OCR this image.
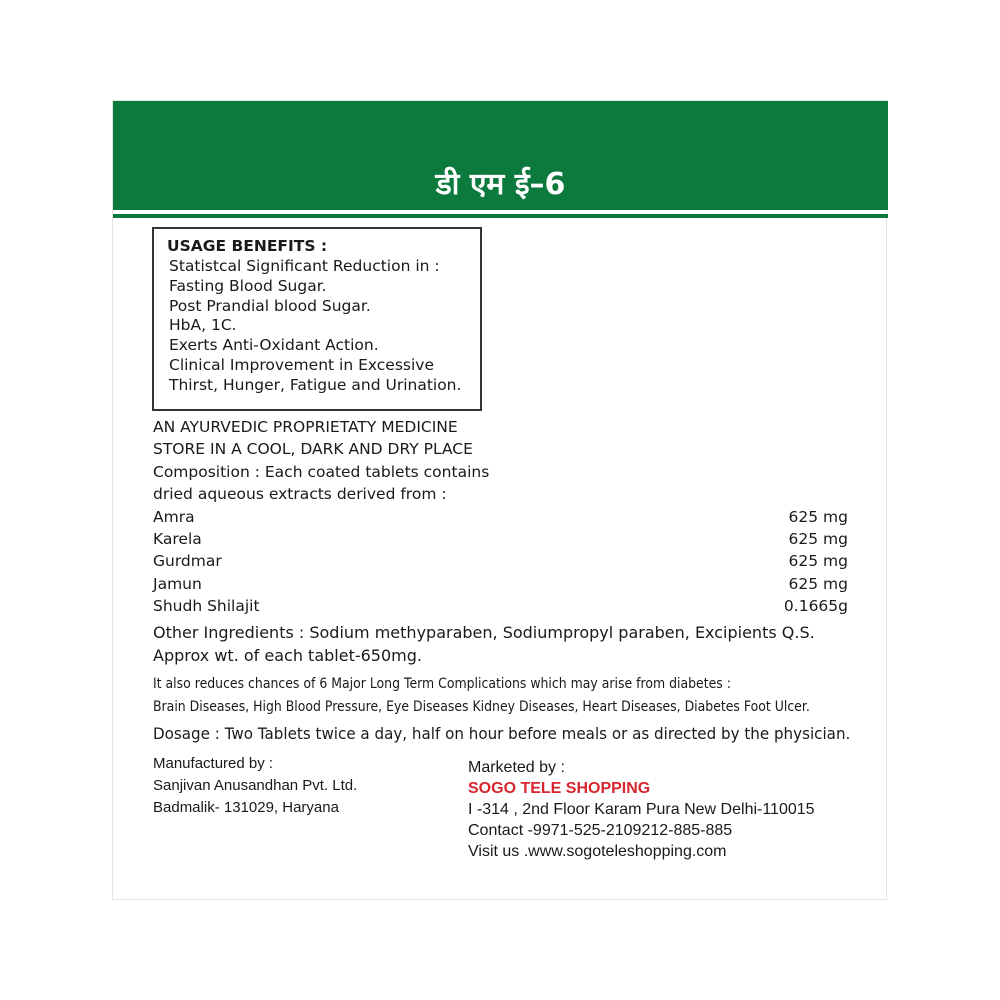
डी एम ई–6
USAGE BENEFITS :
Statistcal Significant Reduction in :
Fasting Blood Sugar.
Post Prandial blood Sugar.
HbA, 1C.
Exerts Anti-Oxidant Action.
Clinical Improvement in Excessive
Thirst, Hunger, Fatigue and Urination.
AN AYURVEDIC PROPRIETATY MEDICINE
STORE IN A COOL, DARK AND DRY PLACE
Composition : Each coated tablets contains
dried aqueous extracts derived from :
Amra	625 mg
Karela	625 mg
Gurdmar	625 mg
Jamun	625 mg
Shudh Shilajit	0.1665g
Other Ingredients : Sodium methyparaben, Sodiumpropyl paraben, Excipients Q.S.
Approx wt. of each tablet-650mg.
It also reduces chances of 6 Major Long Term Complications which may arise from diabetes :
Brain Diseases, High Blood Pressure, Eye Diseases Kidney Diseases, Heart Diseases, Diabetes Foot Ulcer.
Dosage : Two Tablets twice a day, half on hour before meals or as directed by the physician.
Manufactured by :
Sanjivan Anusandhan Pvt. Ltd.
Badmalik- 131029, Haryana
Marketed by :
SOGO TELE SHOPPING
I -314 , 2nd Floor Karam Pura New Delhi-110015
Contact -9971-525-2109212-885-885
Visit us .www.sogoteleshopping.com
